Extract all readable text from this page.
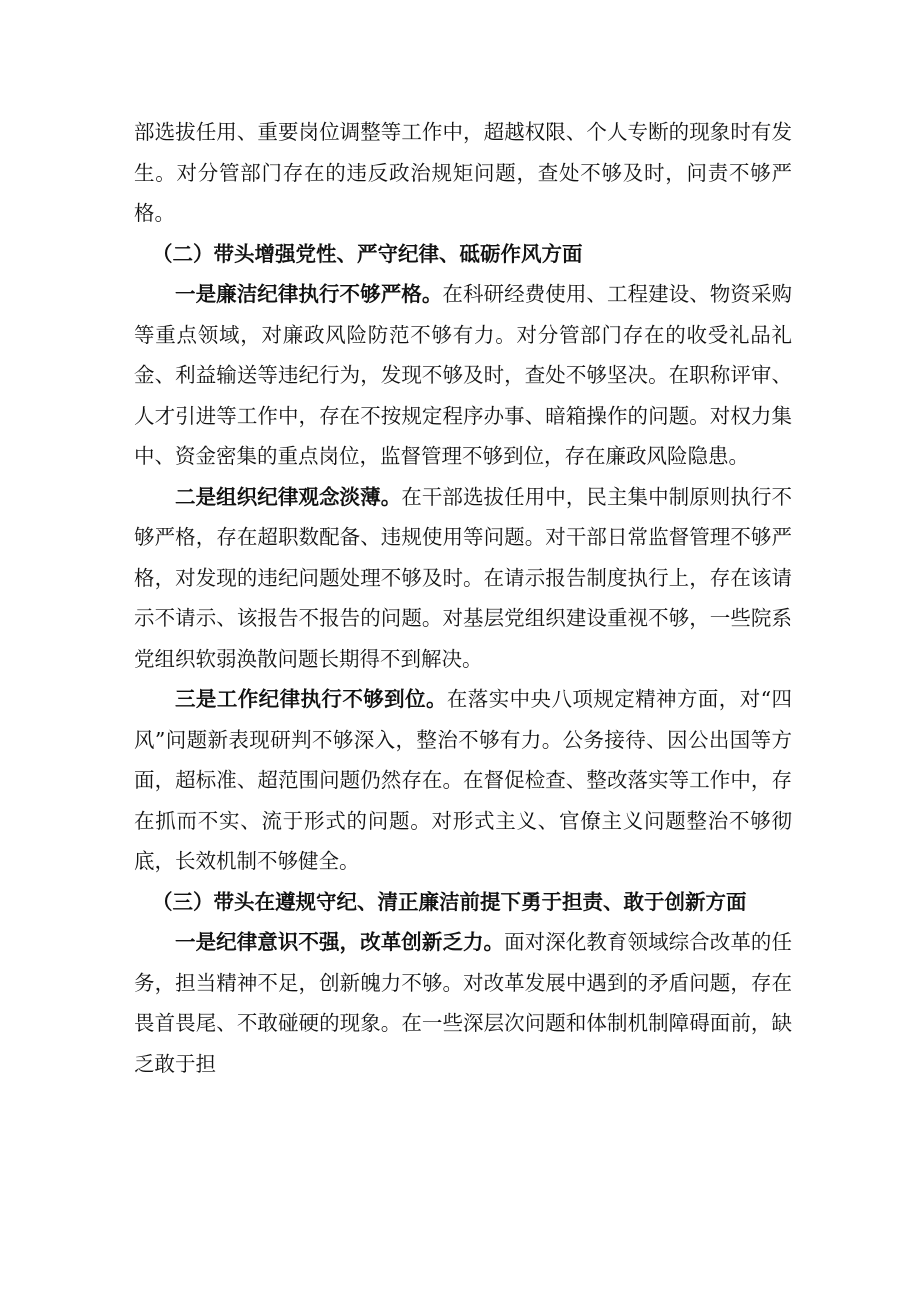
部选拔任用、重要岗位调整等工作中，超越权限、个人专断的现象时有发生。对分管部门存在的违反政治规矩问题，查处不够及时，问责不够严格。

（二）带头增强党性、严守纪律、砥砺作风方面

一是廉洁纪律执行不够严格。在科研经费使用、工程建设、物资采购等重点领域，对廉政风险防范不够有力。对分管部门存在的收受礼品礼金、利益输送等违纪行为，发现不够及时，查处不够坚决。在职称评审、人才引进等工作中，存在不按规定程序办事、暗箱操作的问题。对权力集中、资金密集的重点岗位，监督管理不够到位，存在廉政风险隐患。

二是组织纪律观念淡薄。在干部选拔任用中，民主集中制原则执行不够严格，存在超职数配备、违规使用等问题。对干部日常监督管理不够严格，对发现的违纪问题处理不够及时。在请示报告制度执行上，存在该请示不请示、该报告不报告的问题。对基层党组织建设重视不够，一些院系党组织软弱涣散问题长期得不到解决。

三是工作纪律执行不够到位。在落实中央八项规定精神方面，对“四风”问题新表现研判不够深入，整治不够有力。公务接待、因公出国等方面，超标准、超范围问题仍然存在。在督促检查、整改落实等工作中，存在抓而不实、流于形式的问题。对形式主义、官僚主义问题整治不够彻底，长效机制不够健全。

（三）带头在遵规守纪、清正廉洁前提下勇于担责、敢于创新方面

一是纪律意识不强，改革创新乏力。面对深化教育领域综合改革的任务，担当精神不足，创新魄力不够。对改革发展中遇到的矛盾问题，存在畏首畏尾、不敢碰硬的现象。在一些深层次问题和体制机制障碍面前，缺乏敢于担
